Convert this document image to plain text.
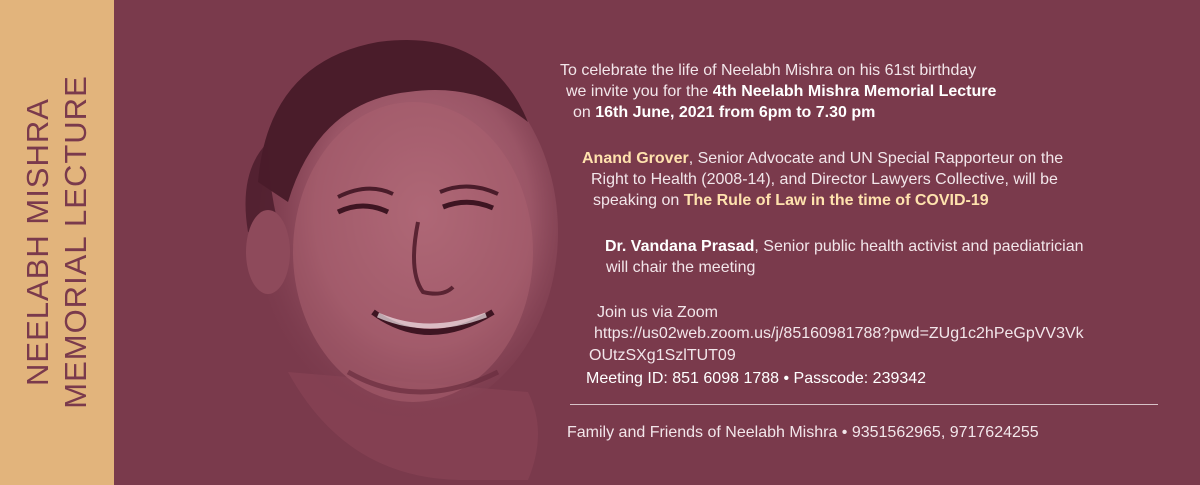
NEELABH MISHRA MEMORIAL LECTURE
To celebrate the life of Neelabh Mishra on his 61st birthday
we invite you for the 4th Neelabh Mishra Memorial Lecture
on 16th June, 2021 from 6pm to 7.30 pm
Anand Grover, Senior Advocate and UN Special Rapporteur on the
Right to Health (2008-14), and Director Lawyers Collective, will be
speaking on The Rule of Law in the time of COVID-19
Dr. Vandana Prasad, Senior public health activist and paediatrician
will chair the meeting
Join us via Zoom
https://us02web.zoom.us/j/85160981788?pwd=ZUg1c2hPeGpVV3Vk
OUtzSXg1SzlTUT09
Meeting ID: 851 6098 1788 • Passcode: 239342
Family and Friends of Neelabh Mishra • 9351562965, 9717624255
